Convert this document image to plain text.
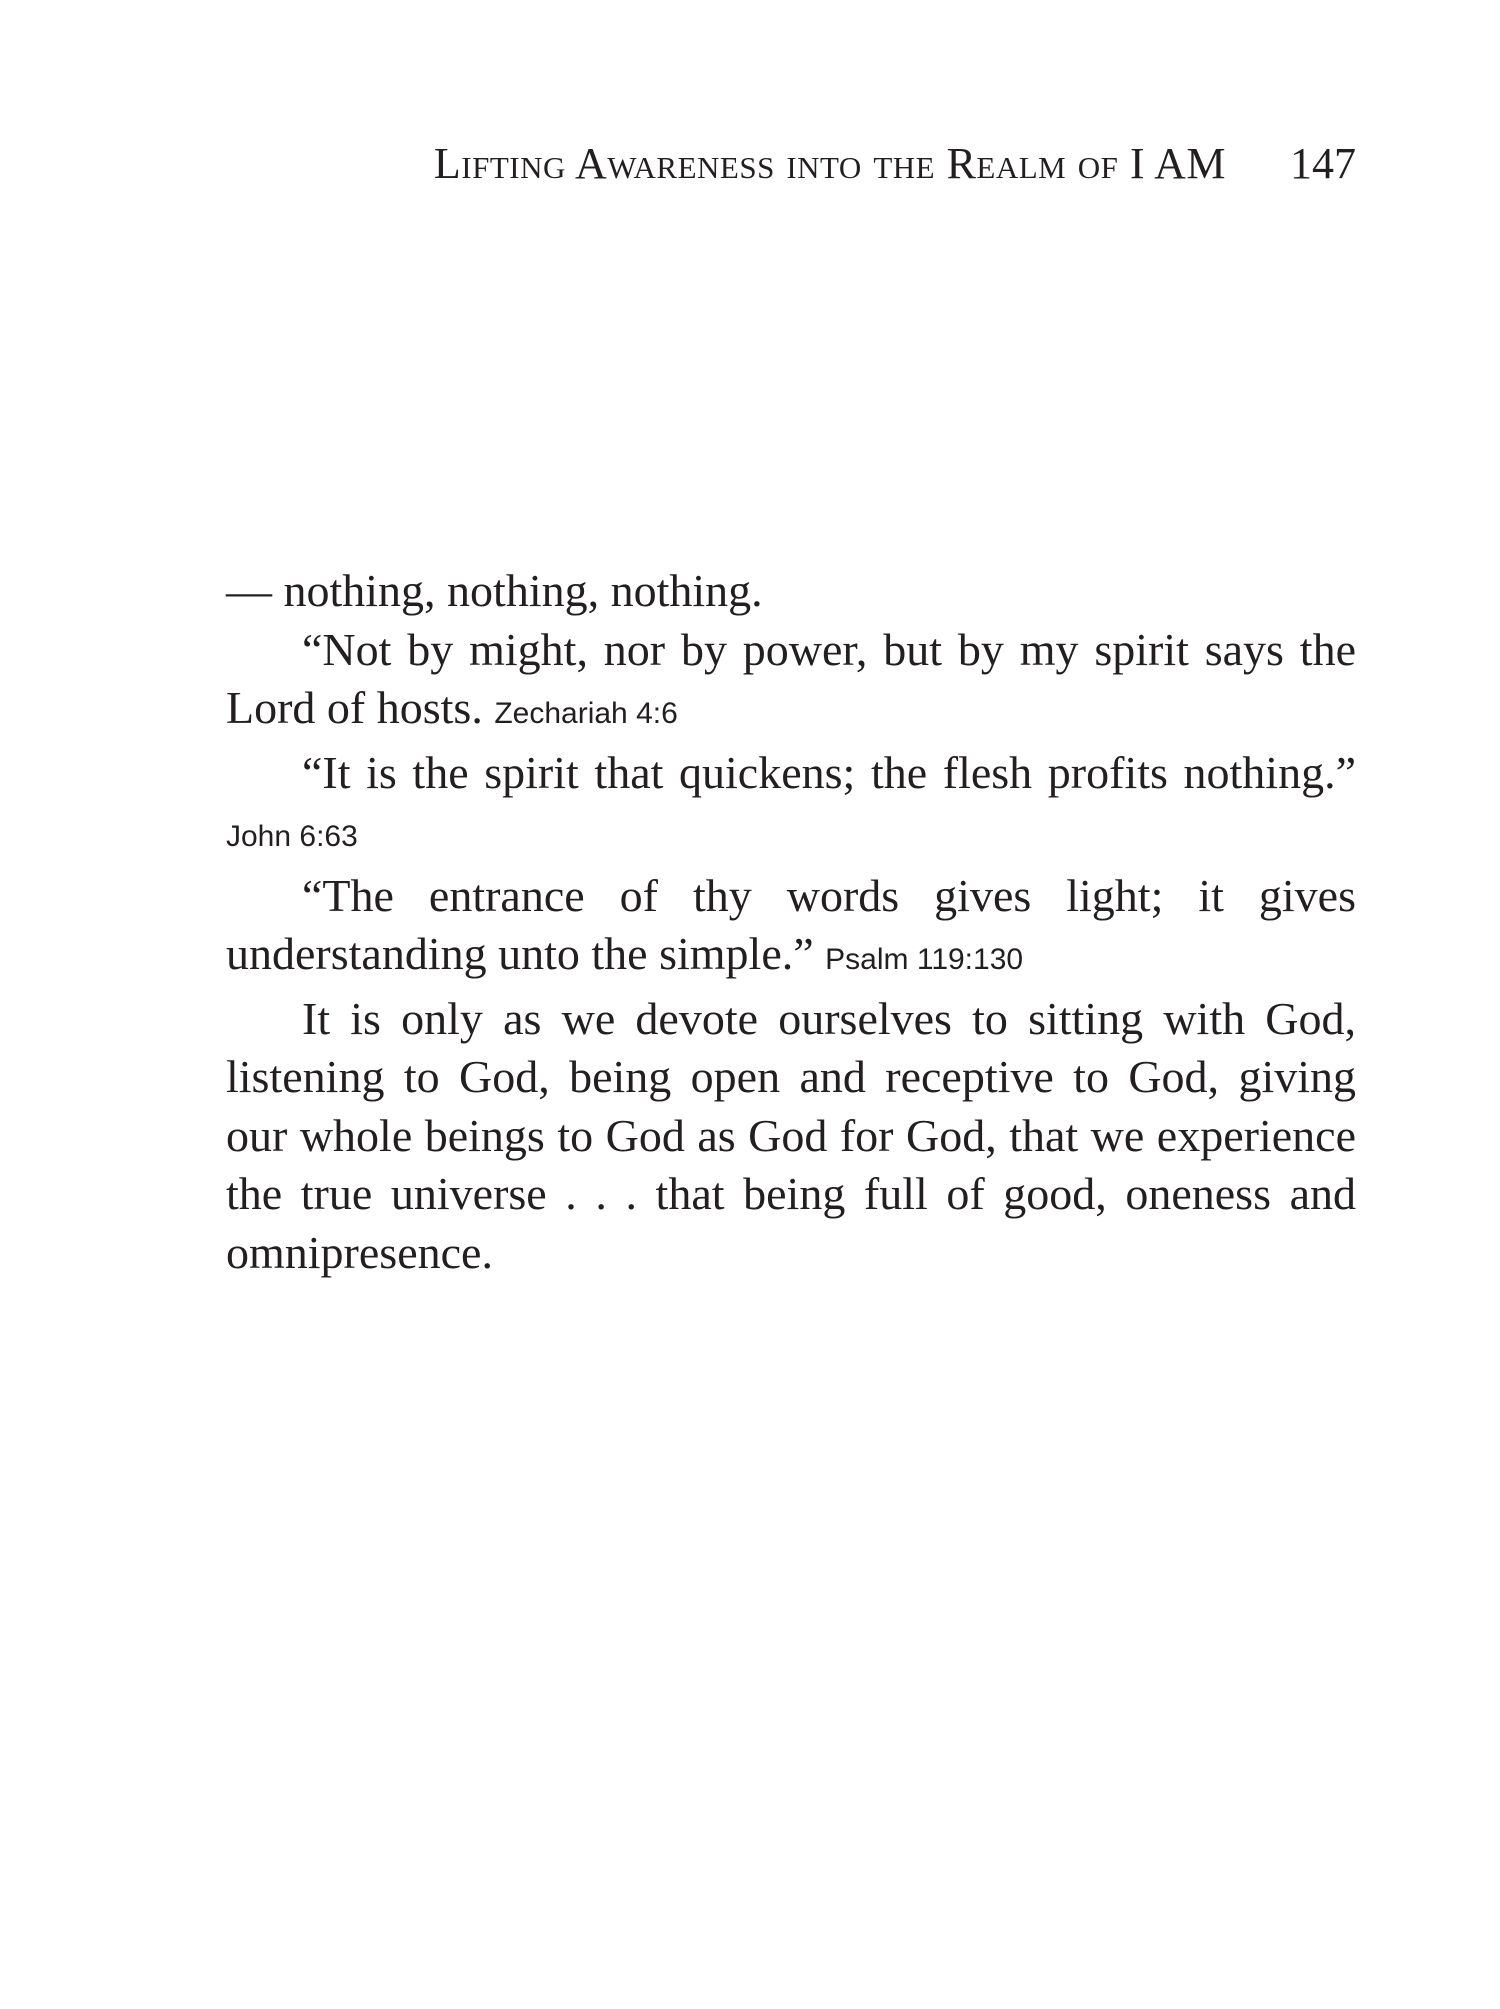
Lifting Awareness into the Realm of I AM 147

— nothing, nothing, nothing.

“Not by might, nor by power, but by my spirit says the Lord of hosts. Zechariah 4:6

“It is the spirit that quickens; the flesh profits nothing.” John 6:63

“The entrance of thy words gives light; it gives understanding unto the simple.” Psalm 119:130

It is only as we devote ourselves to sitting with God, listening to God, being open and receptive to God, giving our whole beings to God as God for God, that we experience the true universe . . . that being full of good, oneness and omnipresence.
